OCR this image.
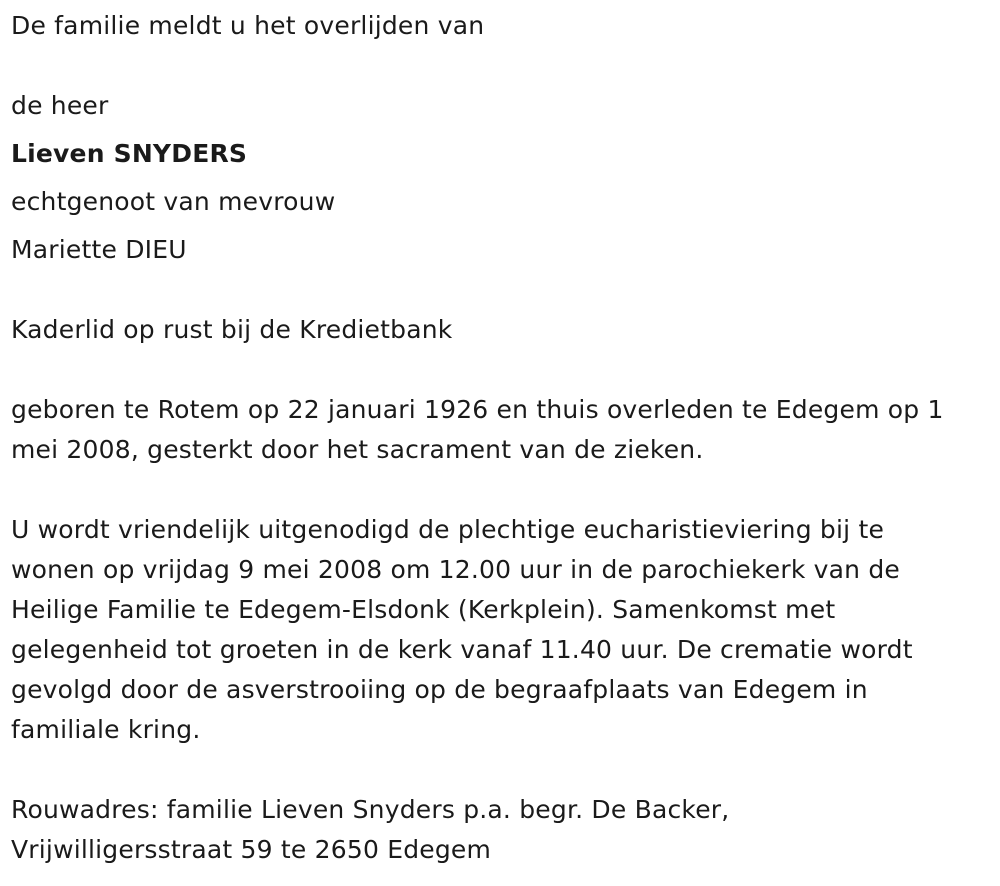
De familie meldt u het overlijden van

de heer

Lieven SNYDERS

echtgenoot van mevrouw

Mariette DIEU

Kaderlid op rust bij de Kredietbank

geboren te Rotem op 22 januari 1926 en thuis overleden te Edegem op 1

mei 2008, gesterkt door het sacrament van de zieken.

U wordt vriendelijk uitgenodigd de plechtige eucharistieviering bij te

wonen op vrijdag 9 mei 2008 om 12.00 uur in de parochiekerk van de

Heilige Familie te Edegem-Elsdonk (Kerkplein). Samenkomst met

gelegenheid tot groeten in de kerk vanaf 11.40 uur. De crematie wordt

gevolgd door de asverstrooiing op de begraafplaats van Edegem in

familiale kring.

Rouwadres: familie Lieven Snyders p.a. begr. De Backer,

Vrijwilligersstraat 59 te 2650 Edegem
